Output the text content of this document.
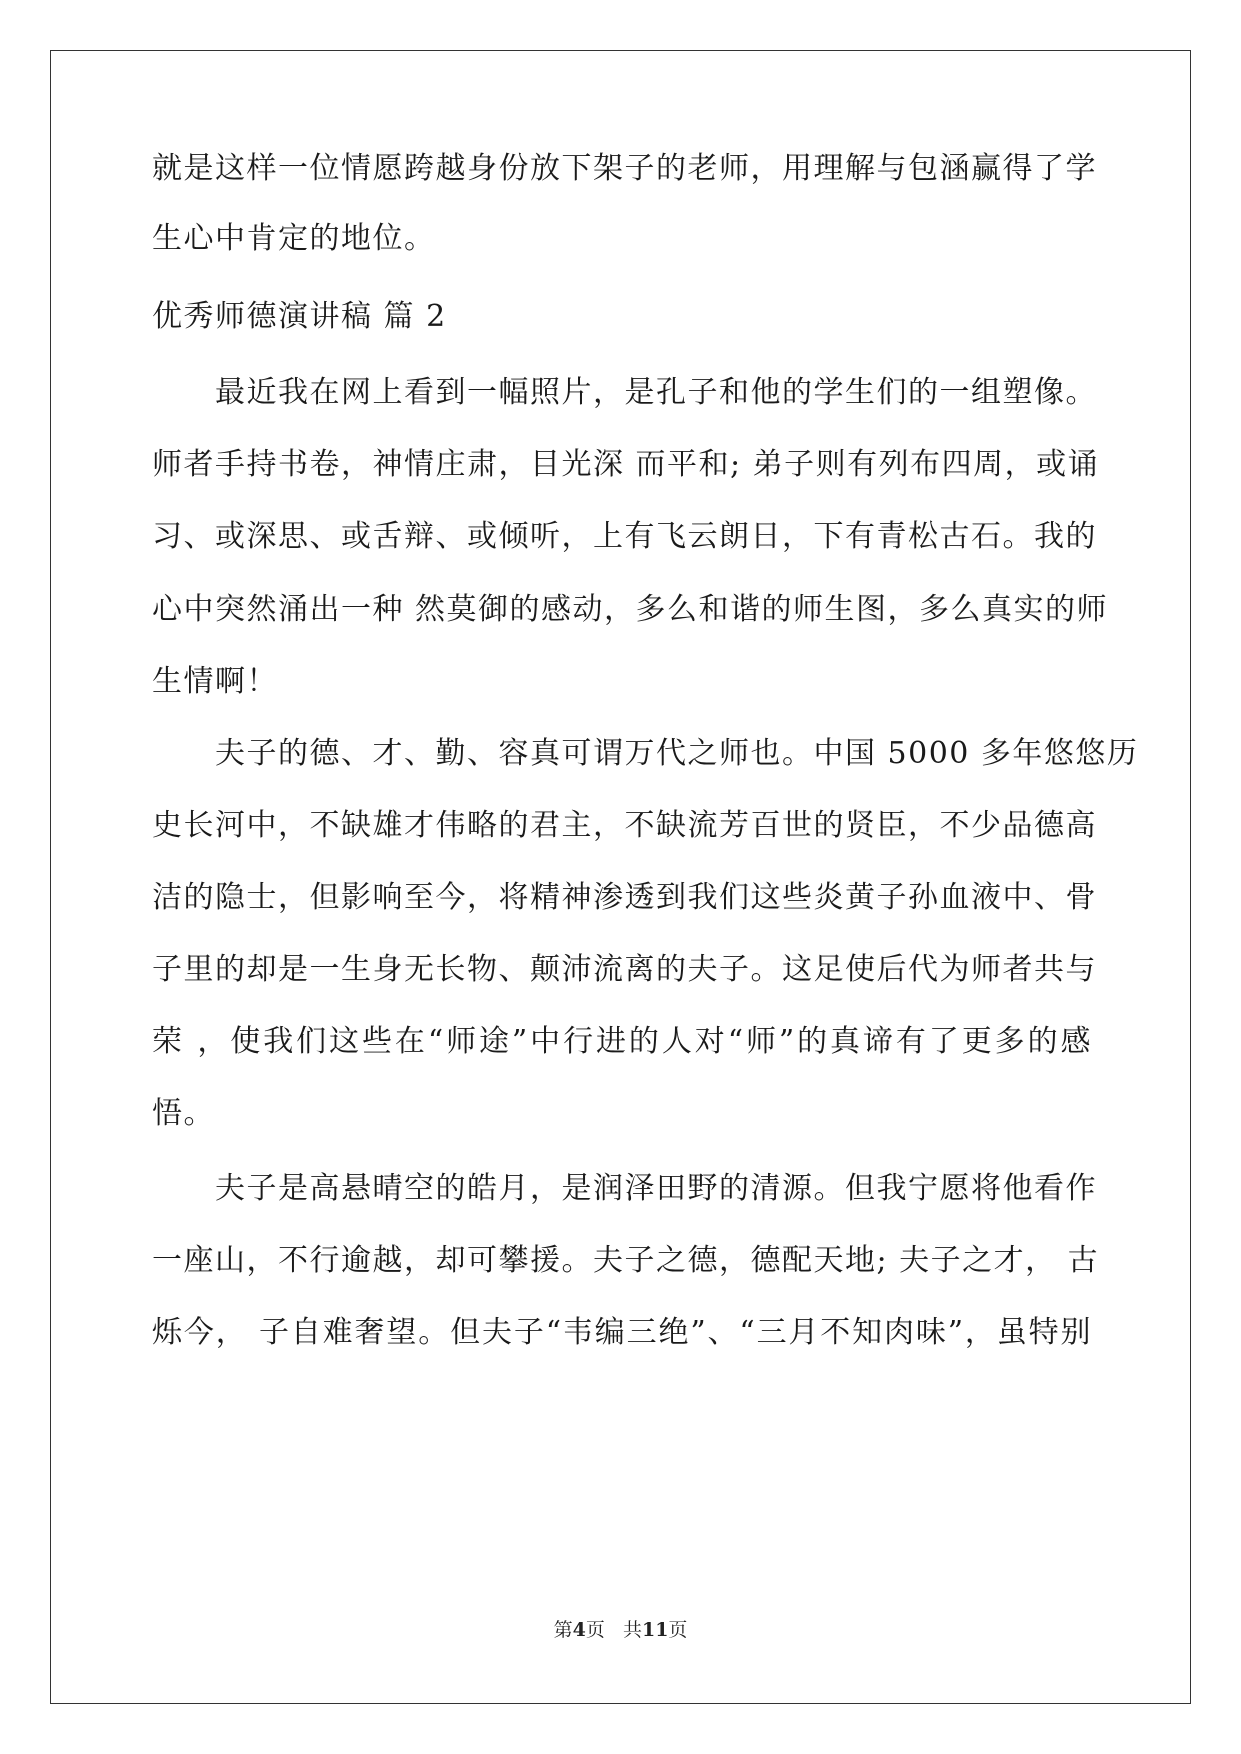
就是这样一位情愿跨越身份放下架子的老师，用理解与包涵赢得了学
生心中肯定的地位。
优秀师德演讲稿 篇 2
最近我在网上看到一幅照片，是孔子和他的学生们的一组塑像。
师者手持书卷，神情庄肃，目光深 而平和; 弟子则有列布四周，或诵
习、或深思、或舌辩、或倾听，上有飞云朗日，下有青松古石。我的
心中突然涌出一种 然莫御的感动，多么和谐的师生图，多么真实的师
生情啊！
夫子的德、才、勤、容真可谓万代之师也。中国 5000 多年悠悠历
史长河中，不缺雄才伟略的君主，不缺流芳百世的贤臣，不少品德高
洁的隐士，但影响至今，将精神渗透到我们这些炎黄子孙血液中、骨
子里的却是一生身无长物、颠沛流离的夫子。这足使后代为师者共与
荣 ，使我们这些在“师途”中行进的人对“师”的真谛有了更多的感
悟。
夫子是高悬晴空的皓月，是润泽田野的清源。但我宁愿将他看作
一座山，不行逾越，却可攀援。夫子之德，德配天地; 夫子之才， 古
烁今， 子自难奢望。但夫子“韦编三绝”、“三月不知肉味”，虽特别
第4页 共11页
